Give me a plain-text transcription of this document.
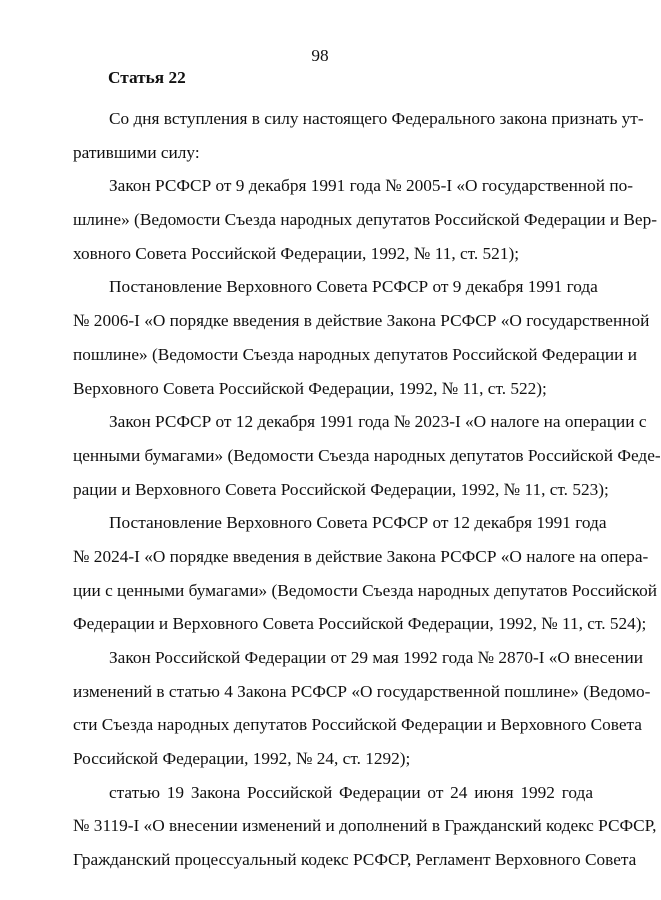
98
Статья 22
Со дня вступления в силу настоящего Федерального закона признать ут-
ратившими силу:
Закон РСФСР от 9 декабря 1991 года № 2005-I «О государственной по-
шлине» (Ведомости Съезда народных депутатов Российской Федерации и Вер-
ховного Совета Российской Федерации, 1992, № 11, ст. 521);
Постановление Верховного Совета РСФСР от 9 декабря 1991 года
№ 2006-I «О порядке введения в действие Закона РСФСР «О государственной
пошлине» (Ведомости Съезда народных депутатов Российской Федерации и
Верховного Совета Российской Федерации, 1992, № 11, ст. 522);
Закон РСФСР от 12 декабря 1991 года № 2023-I «О налоге на операции с
ценными бумагами» (Ведомости Съезда народных депутатов Российской Феде-
рации и Верховного Совета Российской Федерации, 1992, № 11, ст. 523);
Постановление Верховного Совета РСФСР от 12 декабря 1991 года
№ 2024-I «О порядке введения в действие Закона РСФСР «О налоге на опера-
ции с ценными бумагами» (Ведомости Съезда народных депутатов Российской
Федерации и Верховного Совета Российской Федерации, 1992, № 11, ст. 524);
Закон Российской Федерации от 29 мая 1992 года № 2870-I «О внесении
изменений в статью 4 Закона РСФСР «О государственной пошлине» (Ведомо-
сти Съезда народных депутатов Российской Федерации и Верховного Совета
Российской Федерации, 1992, № 24, ст. 1292);
статью 19 Закона Российской Федерации от 24 июня 1992 года
№ 3119-I «О внесении изменений и дополнений в Гражданский кодекс РСФСР,
Гражданский процессуальный кодекс РСФСР, Регламент Верховного Совета
